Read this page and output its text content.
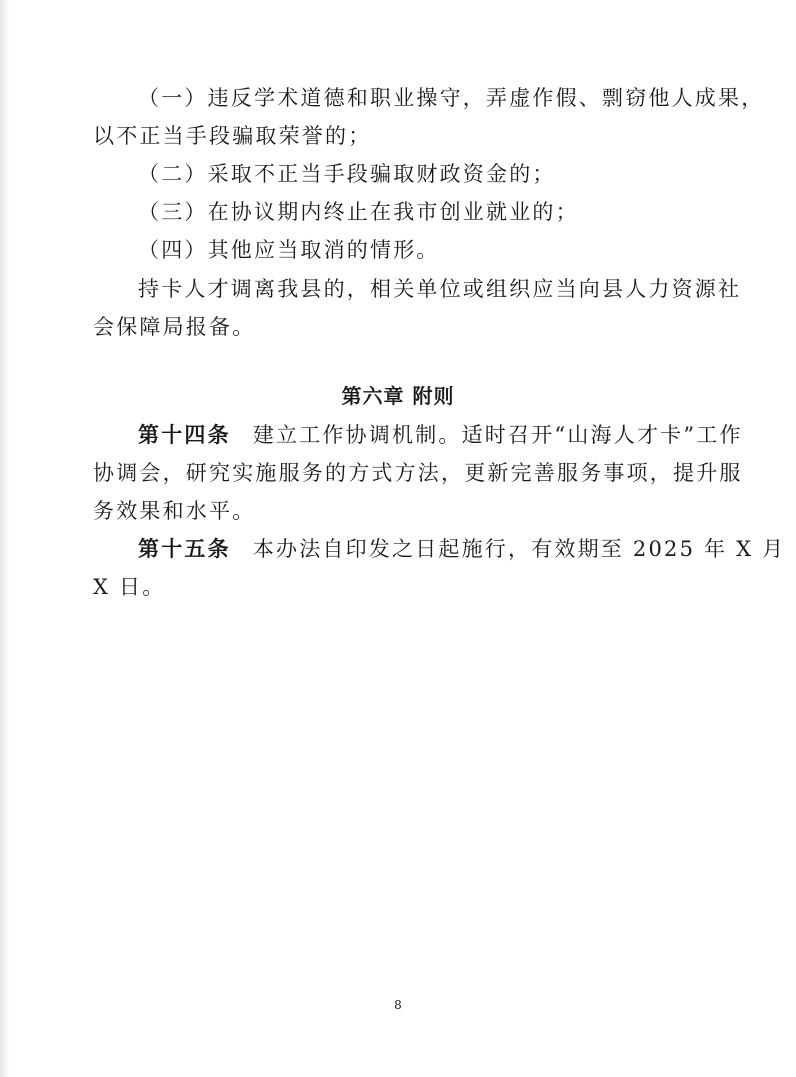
（一）违反学术道德和职业操守，弄虚作假、剽窃他人成果，
以不正当手段骗取荣誉的；
（二）采取不正当手段骗取财政资金的；
（三）在协议期内终止在我市创业就业的；
（四）其他应当取消的情形。
持卡人才调离我县的，相关单位或组织应当向县人力资源社
会保障局报备。
第六章 附则
第十四条 建立工作协调机制。适时召开“山海人才卡”工作
协调会，研究实施服务的方式方法，更新完善服务事项，提升服
务效果和水平。
第十五条 本办法自印发之日起施行，有效期至 2025 年 X 月
X 日。
8
